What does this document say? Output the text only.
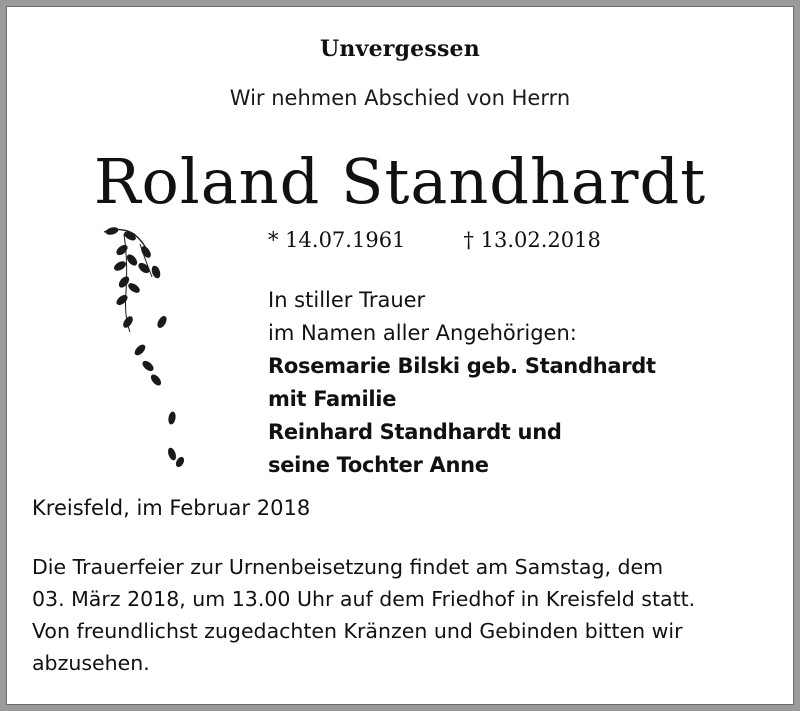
Unvergessen
Wir nehmen Abschied von Herrn
Roland Standhardt
* 14.07.1961	† 13.02.2018
In stiller Trauer
im Namen aller Angehörigen:
Rosemarie Bilski geb. Standhardt
mit Familie
Reinhard Standhardt und
seine Tochter Anne
Kreisfeld, im Februar 2018
Die Trauerfeier zur Urnenbeisetzung findet am Samstag, dem
03. März 2018, um 13.00 Uhr auf dem Friedhof in Kreisfeld statt.
Von freundlichst zugedachten Kränzen und Gebinden bitten wir
abzusehen.
